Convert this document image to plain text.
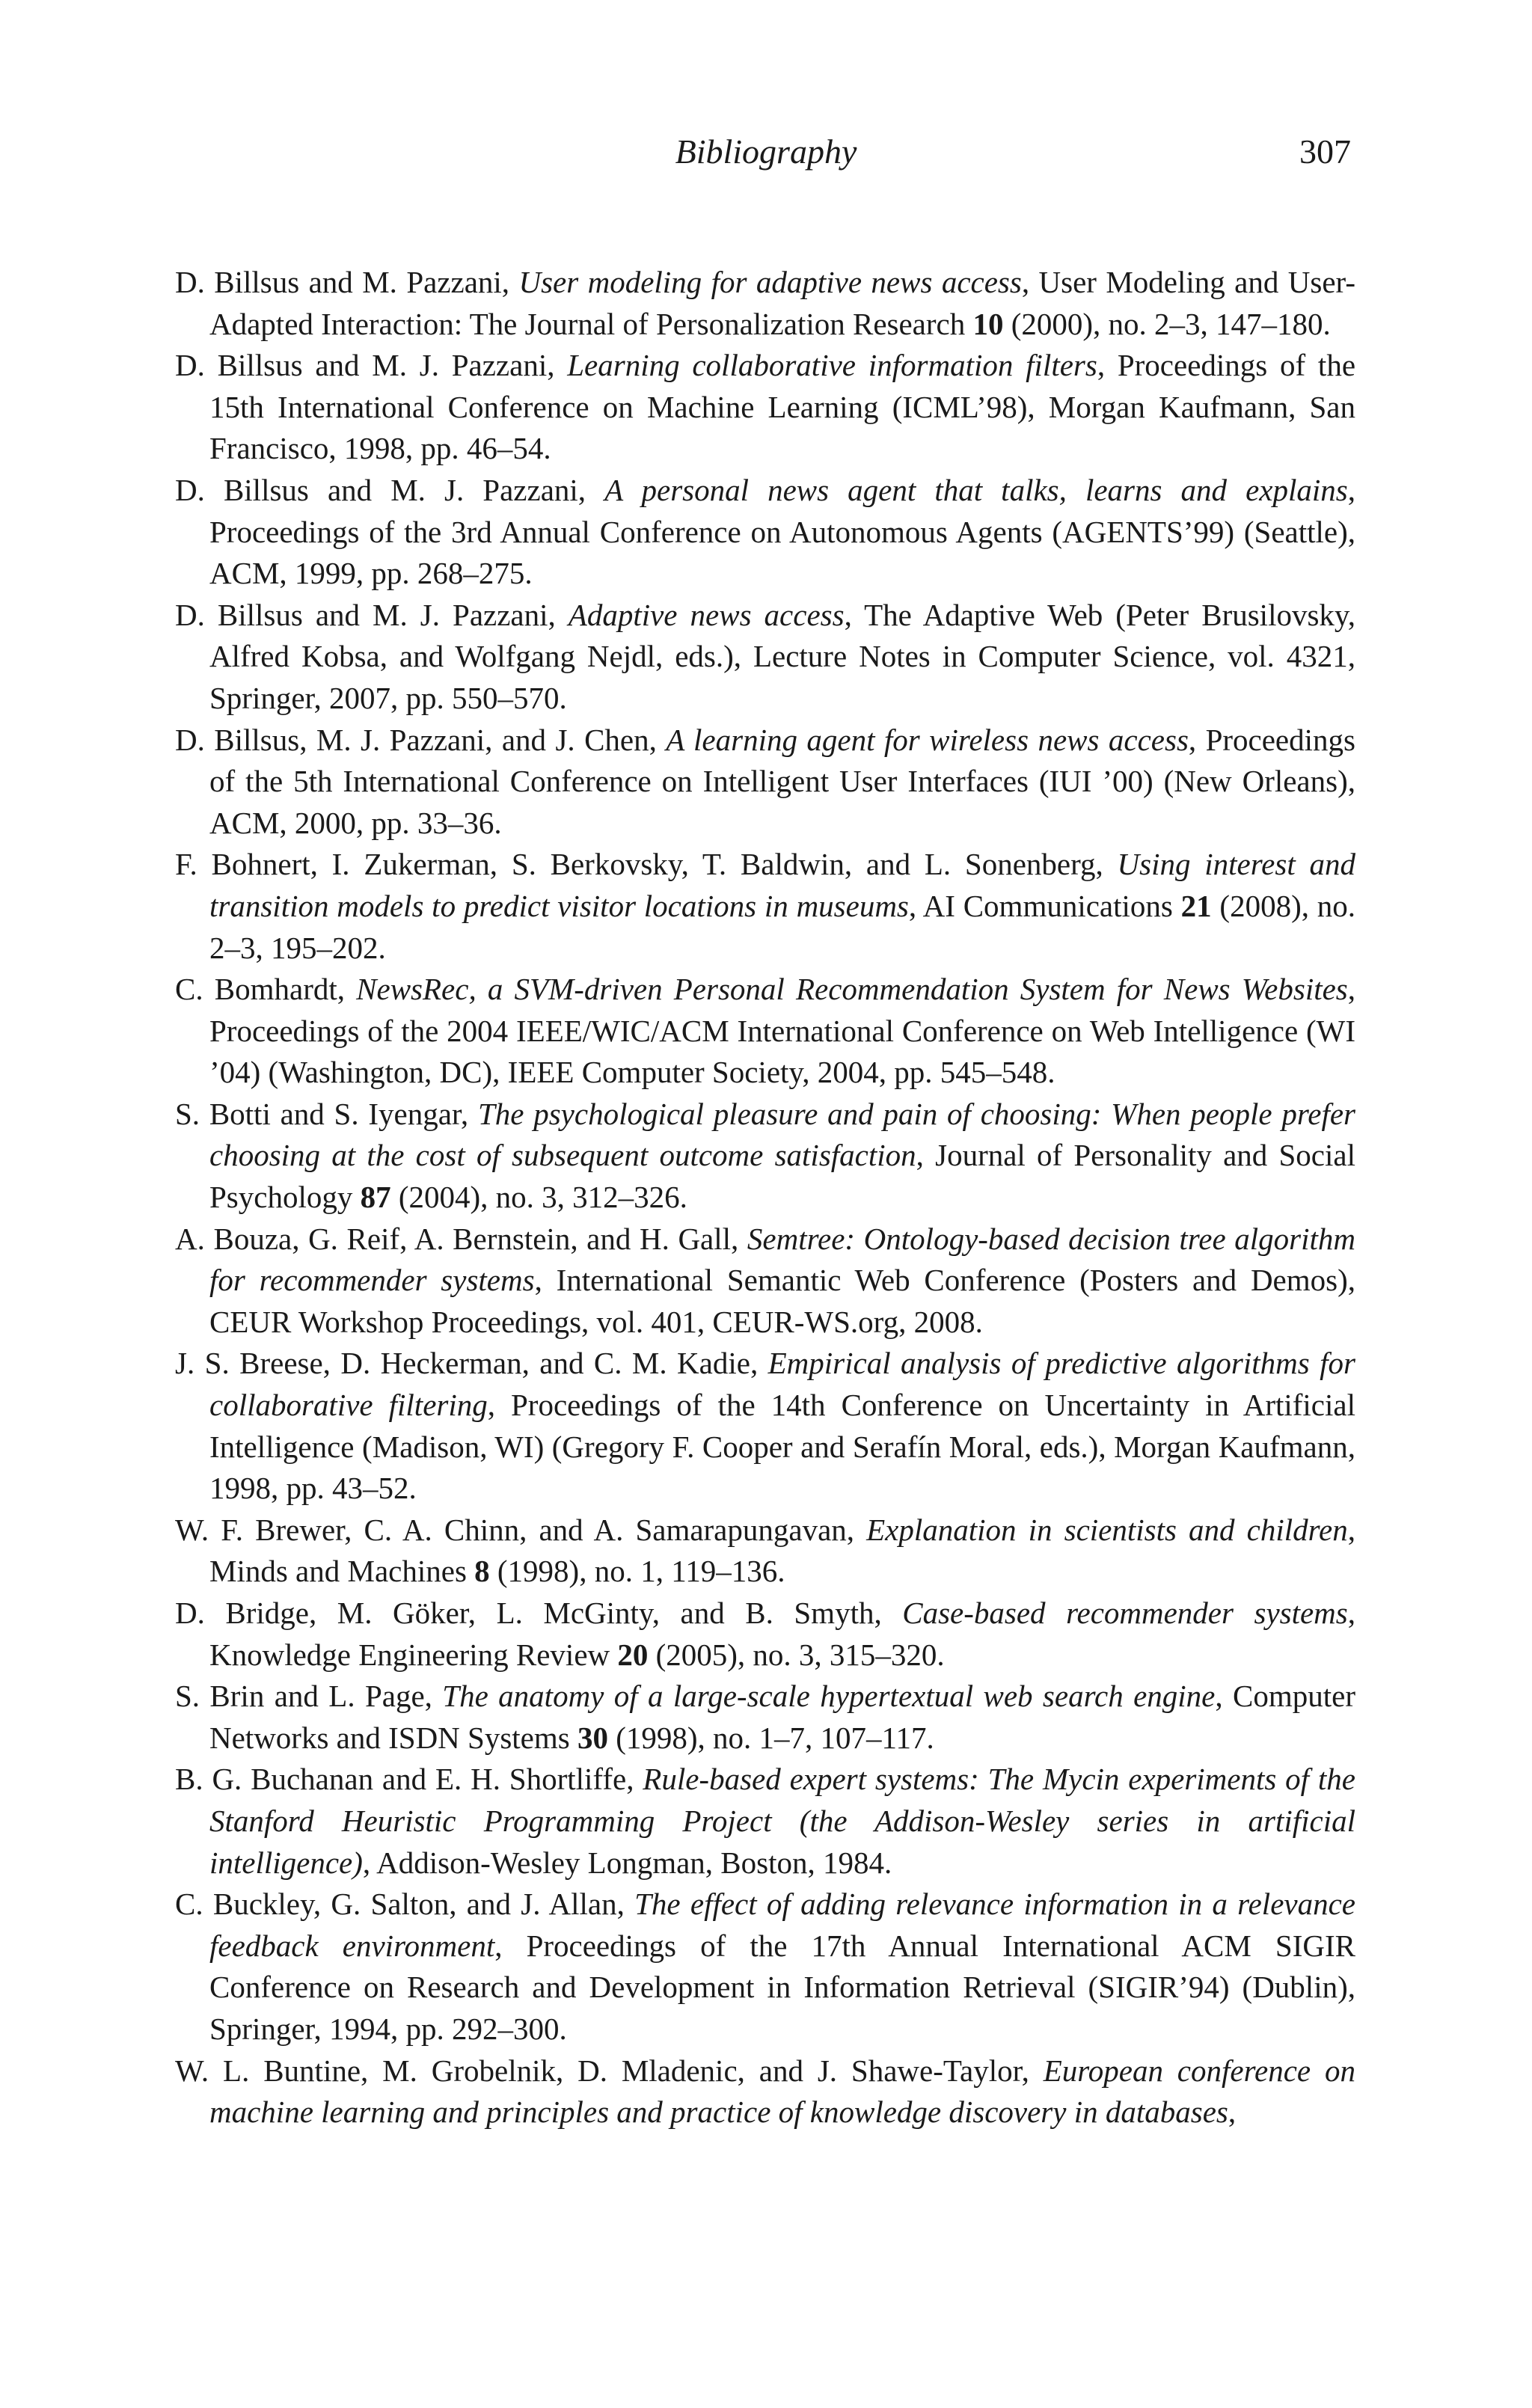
Bibliography	307
D. Billsus and M. Pazzani, User modeling for adaptive news access, User Modeling and User-Adapted Interaction: The Journal of Personalization Research 10 (2000), no. 2–3, 147–180.
D. Billsus and M. J. Pazzani, Learning collaborative information filters, Proceedings of the 15th International Conference on Machine Learning (ICML’98), Morgan Kaufmann, San Francisco, 1998, pp. 46–54.
D. Billsus and M. J. Pazzani, A personal news agent that talks, learns and explains, Proceedings of the 3rd Annual Conference on Autonomous Agents (AGENTS’99) (Seattle), ACM, 1999, pp. 268–275.
D. Billsus and M. J. Pazzani, Adaptive news access, The Adaptive Web (Peter Brusilovsky, Alfred Kobsa, and Wolfgang Nejdl, eds.), Lecture Notes in Computer Science, vol. 4321, Springer, 2007, pp. 550–570.
D. Billsus, M. J. Pazzani, and J. Chen, A learning agent for wireless news access, Proceedings of the 5th International Conference on Intelligent User Interfaces (IUI ’00) (New Orleans), ACM, 2000, pp. 33–36.
F. Bohnert, I. Zukerman, S. Berkovsky, T. Baldwin, and L. Sonenberg, Using interest and transition models to predict visitor locations in museums, AI Communications 21 (2008), no. 2–3, 195–202.
C. Bomhardt, NewsRec, a SVM-driven Personal Recommendation System for News Websites, Proceedings of the 2004 IEEE/WIC/ACM International Conference on Web Intelligence (WI ’04) (Washington, DC), IEEE Computer Society, 2004, pp. 545–548.
S. Botti and S. Iyengar, The psychological pleasure and pain of choosing: When people prefer choosing at the cost of subsequent outcome satisfaction, Journal of Personality and Social Psychology 87 (2004), no. 3, 312–326.
A. Bouza, G. Reif, A. Bernstein, and H. Gall, Semtree: Ontology-based decision tree algorithm for recommender systems, International Semantic Web Conference (Posters and Demos), CEUR Workshop Proceedings, vol. 401, CEUR-WS.org, 2008.
J. S. Breese, D. Heckerman, and C. M. Kadie, Empirical analysis of predictive algorithms for collaborative filtering, Proceedings of the 14th Conference on Uncertainty in Artificial Intelligence (Madison, WI) (Gregory F. Cooper and Serafín Moral, eds.), Morgan Kaufmann, 1998, pp. 43–52.
W. F. Brewer, C. A. Chinn, and A. Samarapungavan, Explanation in scientists and children, Minds and Machines 8 (1998), no. 1, 119–136.
D. Bridge, M. Göker, L. McGinty, and B. Smyth, Case-based recommender systems, Knowledge Engineering Review 20 (2005), no. 3, 315–320.
S. Brin and L. Page, The anatomy of a large-scale hypertextual web search engine, Computer Networks and ISDN Systems 30 (1998), no. 1–7, 107–117.
B. G. Buchanan and E. H. Shortliffe, Rule-based expert systems: The Mycin experiments of the Stanford Heuristic Programming Project (the Addison-Wesley series in artificial intelligence), Addison-Wesley Longman, Boston, 1984.
C. Buckley, G. Salton, and J. Allan, The effect of adding relevance information in a relevance feedback environment, Proceedings of the 17th Annual International ACM SIGIR Conference on Research and Development in Information Retrieval (SIGIR’94) (Dublin), Springer, 1994, pp. 292–300.
W. L. Buntine, M. Grobelnik, D. Mladenic, and J. Shawe-Taylor, European conference on machine learning and principles and practice of knowledge discovery in databases,
